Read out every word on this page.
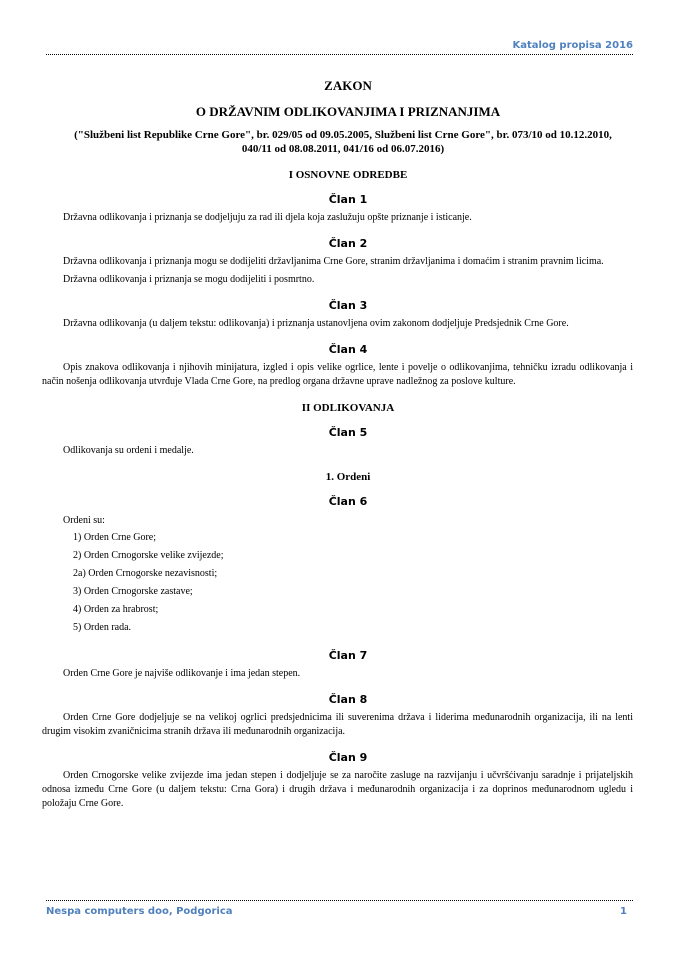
Katalog propisa 2016
ZAKON
O DRŽAVNIM ODLIKOVANJIMA I PRIZNANJIMA
("Službeni list Republike Crne Gore", br. 029/05 od 09.05.2005, Službeni list Crne Gore", br. 073/10 od 10.12.2010, 040/11 od 08.08.2011, 041/16 od 06.07.2016)
I OSNOVNE ODREDBE
Član 1

Državna odlikovanja i priznanja se dodjeljuju za rad ili djela koja zaslužuju opšte priznanje i isticanje.

Član 2

Državna odlikovanja i priznanja mogu se dodijeliti državljanima Crne Gore, stranim državljanima i domaćim i stranim pravnim licima.

Državna odlikovanja i priznanja se mogu dodijeliti i posmrtno.

Član 3

Državna odlikovanja (u daljem tekstu: odlikovanja) i priznanja ustanovljena ovim zakonom dodjeljuje Predsjednik Crne Gore.

Član 4

Opis znakova odlikovanja i njihovih minijatura, izgled i opis velike ogrlice, lente i povelje o odlikovanjima, tehničku izradu odlikovanja i način nošenja odlikovanja utvrđuje Vlada Crne Gore, na predlog organa državne uprave nadležnog za poslove kulture.

II ODLIKOVANJA
Član 5

Odlikovanja su ordeni i medalje.

1. Ordeni
Član 6

Ordeni su:

1) Orden Crne Gore;
2) Orden Crnogorske velike zvijezde;
2a) Orden Crnogorske nezavisnosti;
3) Orden Crnogorske zastave;
4) Orden za hrabrost;
5) Orden rada.
Član 7

Orden Crne Gore je najviše odlikovanje i ima jedan stepen.

Član 8

Orden Crne Gore dodjeljuje se na velikoj ogrlici predsjednicima ili suverenima država i liderima međunarodnih organizacija, ili na lenti drugim visokim zvaničnicima stranih država ili međunarodnih organizacija.

Član 9

Orden Crnogorske velike zvijezde ima jedan stepen i dodjeljuje se za naročite zasluge na razvijanju i učvršćivanju saradnje i prijateljskih odnosa između Crne Gore (u daljem tekstu: Crna Gora) i drugih država i međunarodnih organizacija i za doprinos međunarodnom ugledu i položaju Crne Gore.

Nespa computers doo, Podgorica	1
